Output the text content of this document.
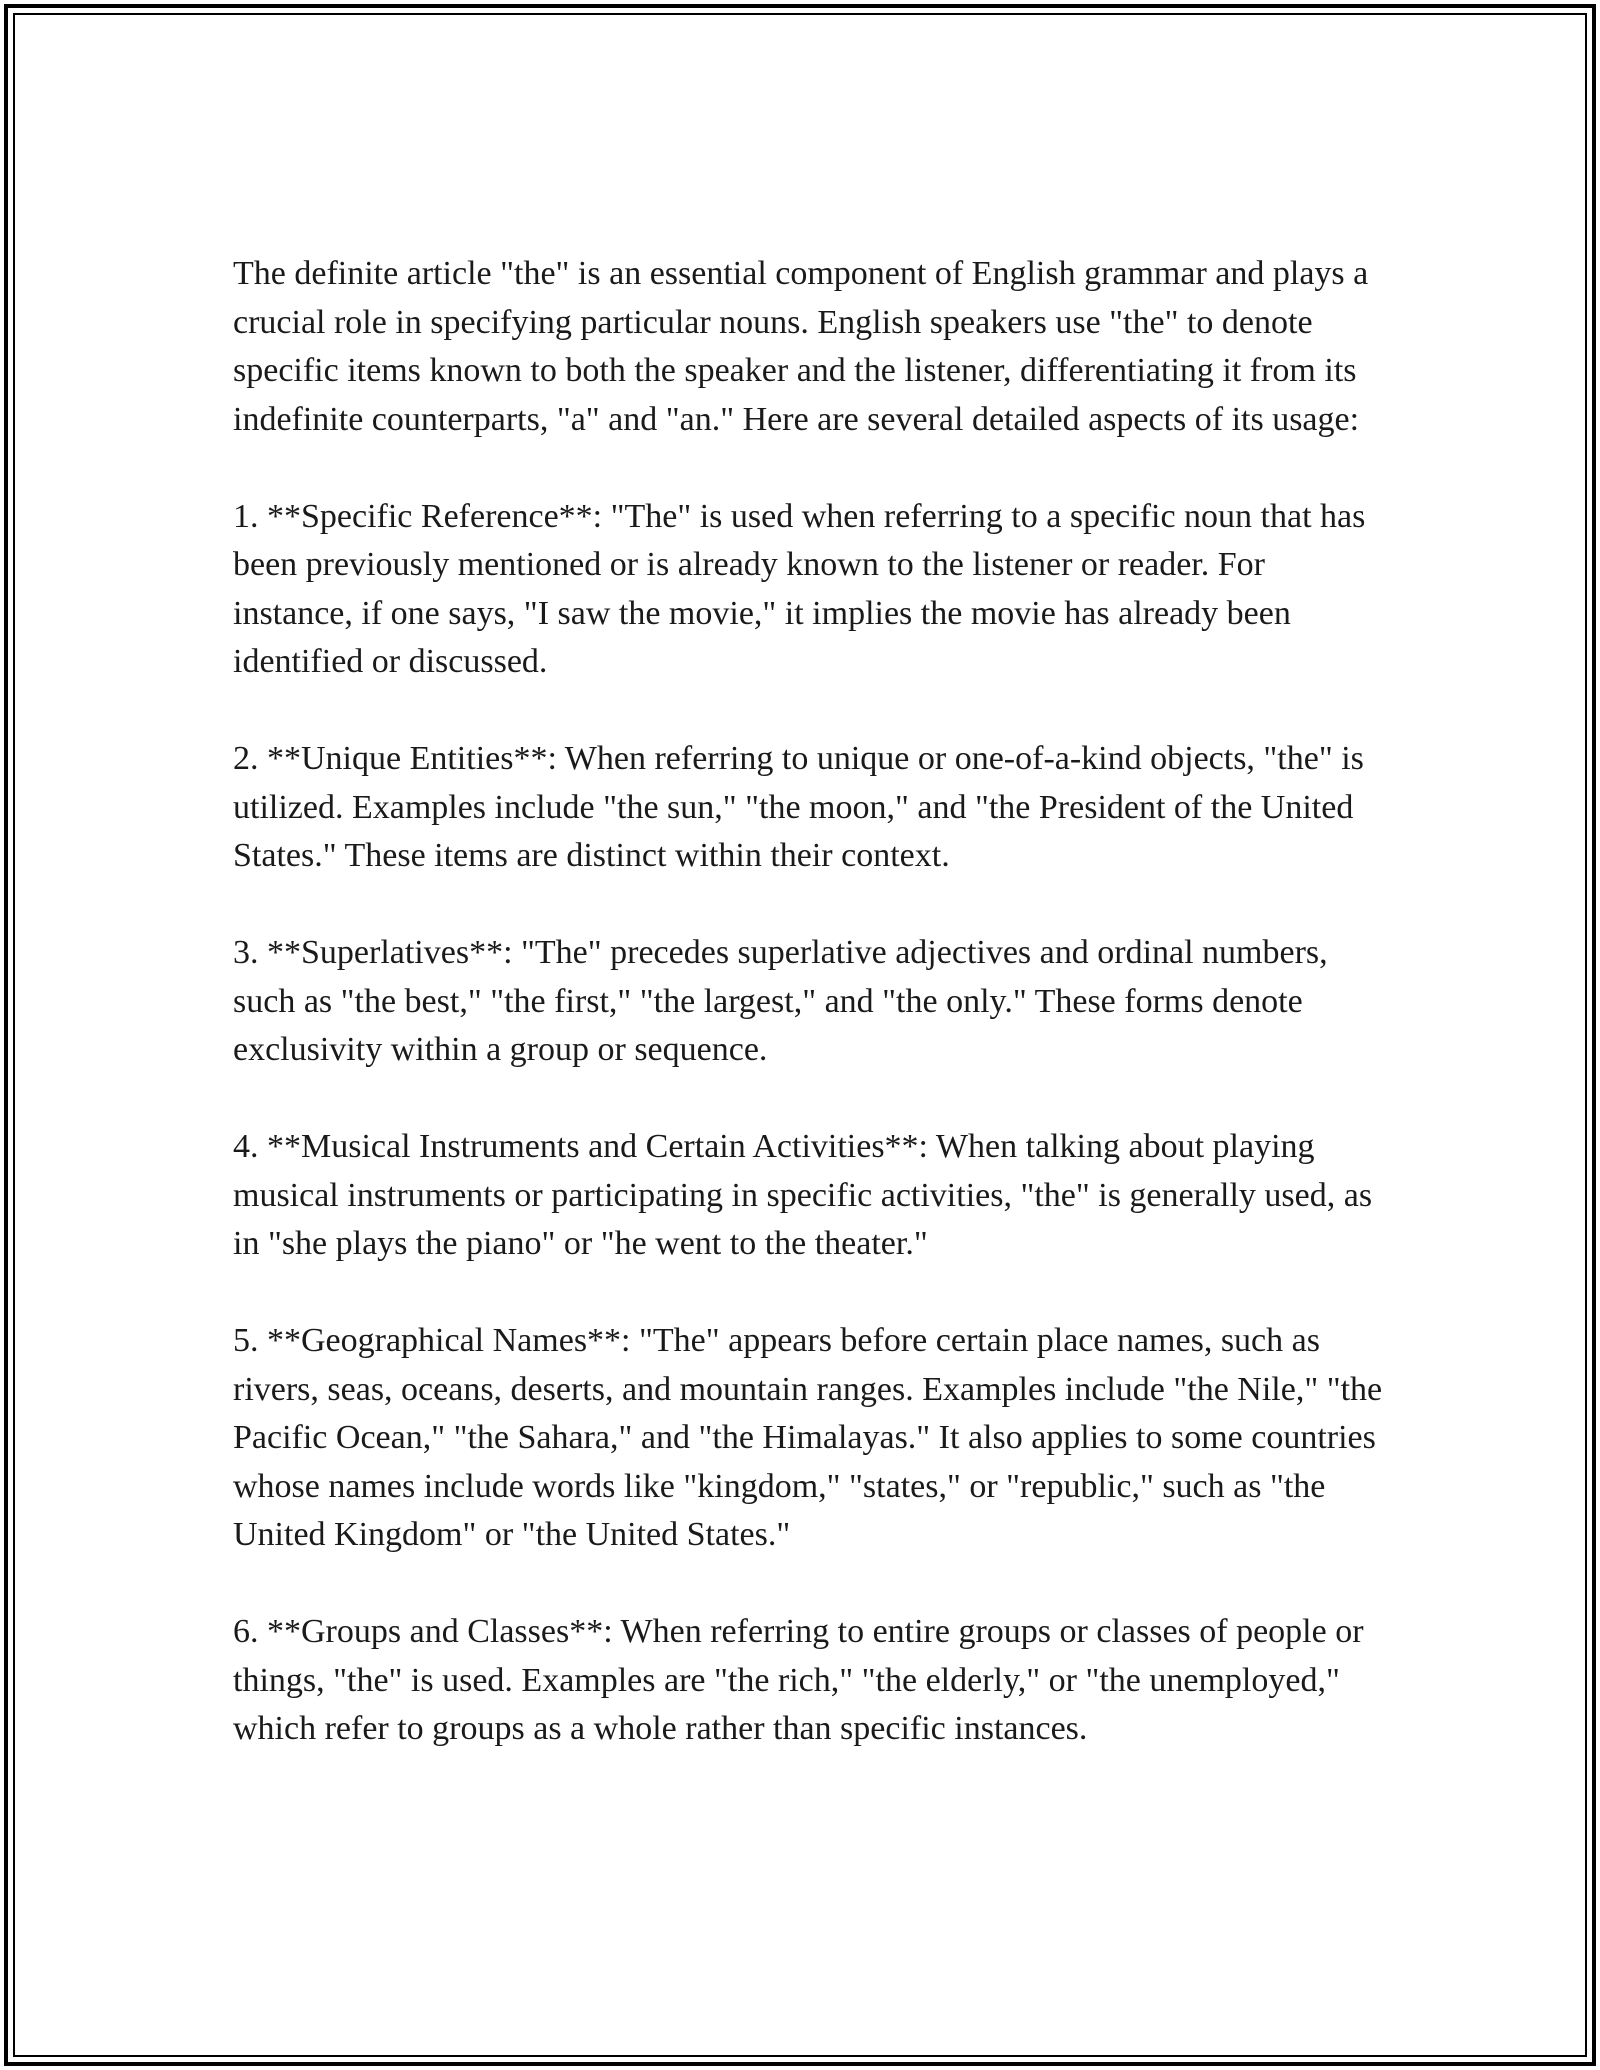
The definite article "the" is an essential component of English grammar and plays a crucial role in specifying particular nouns. English speakers use "the" to denote specific items known to both the speaker and the listener, differentiating it from its indefinite counterparts, "a" and "an." Here are several detailed aspects of its usage:

1. **Specific Reference**: "The" is used when referring to a specific noun that has been previously mentioned or is already known to the listener or reader. For instance, if one says, "I saw the movie," it implies the movie has already been identified or discussed.

2. **Unique Entities**: When referring to unique or one-of-a-kind objects, "the" is utilized. Examples include "the sun," "the moon," and "the President of the United States." These items are distinct within their context.

3. **Superlatives**: "The" precedes superlative adjectives and ordinal numbers, such as "the best," "the first," "the largest," and "the only." These forms denote exclusivity within a group or sequence.

4. **Musical Instruments and Certain Activities**: When talking about playing musical instruments or participating in specific activities, "the" is generally used, as in "she plays the piano" or "he went to the theater."

5. **Geographical Names**: "The" appears before certain place names, such as rivers, seas, oceans, deserts, and mountain ranges. Examples include "the Nile," "the Pacific Ocean," "the Sahara," and "the Himalayas." It also applies to some countries whose names include words like "kingdom," "states," or "republic," such as "the United Kingdom" or "the United States."

6. **Groups and Classes**: When referring to entire groups or classes of people or things, "the" is used. Examples are "the rich," "the elderly," or "the unemployed," which refer to groups as a whole rather than specific instances.
